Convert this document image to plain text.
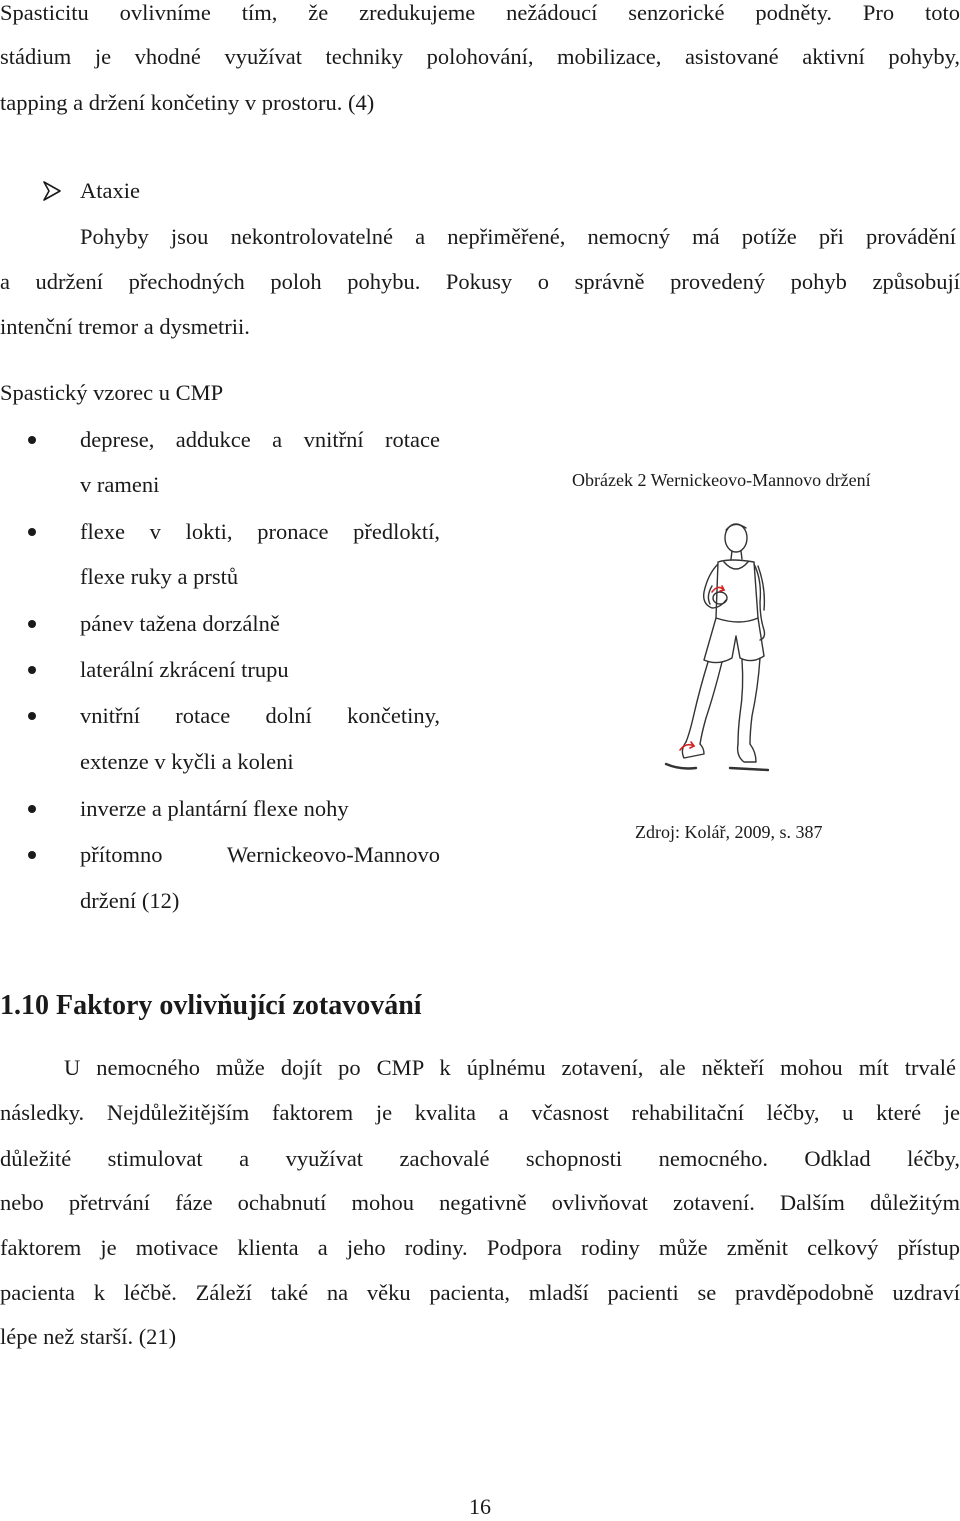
Spasticitu ovlivníme tím, že zredukujeme nežádoucí senzorické podněty. Pro toto
stádium je vhodné využívat techniky polohování, mobilizace, asistované aktivní pohyby,
tapping a držení končetiny v prostoru. (4)
Ataxie
Pohyby jsou nekontrolovatelné a nepřiměřené, nemocný má potíže při provádění
a udržení přechodných poloh pohybu. Pokusy o správně provedený pohyb způsobují
intenční tremor a dysmetrii.
Spastický vzorec u CMP
deprese, addukce a vnitřní rotace
v rameni
flexe v lokti, pronace předloktí,
flexe ruky a prstů
pánev tažena dorzálně
laterální zkrácení trupu
vnitřní rotace dolní končetiny,
extenze v kyčli a koleni
inverze a plantární flexe nohy
přítomno Wernickeovo-Mannovo
držení (12)
Obrázek 2 Wernickeovo-Mannovo držení
Zdroj: Kolář, 2009, s. 387
1.10 Faktory ovlivňující zotavování
U nemocného může dojít po CMP k úplnému zotavení, ale někteří mohou mít trvalé
následky. Nejdůležitějším faktorem je kvalita a včasnost rehabilitační léčby, u které je
důležité stimulovat a využívat zachovalé schopnosti nemocného. Odklad léčby,
nebo přetrvání fáze ochabnutí mohou negativně ovlivňovat zotavení. Dalším důležitým
faktorem je motivace klienta a jeho rodiny. Podpora rodiny může změnit celkový přístup
pacienta k léčbě. Záleží také na věku pacienta, mladší pacienti se pravděpodobně uzdraví
lépe než starší. (21)
16
